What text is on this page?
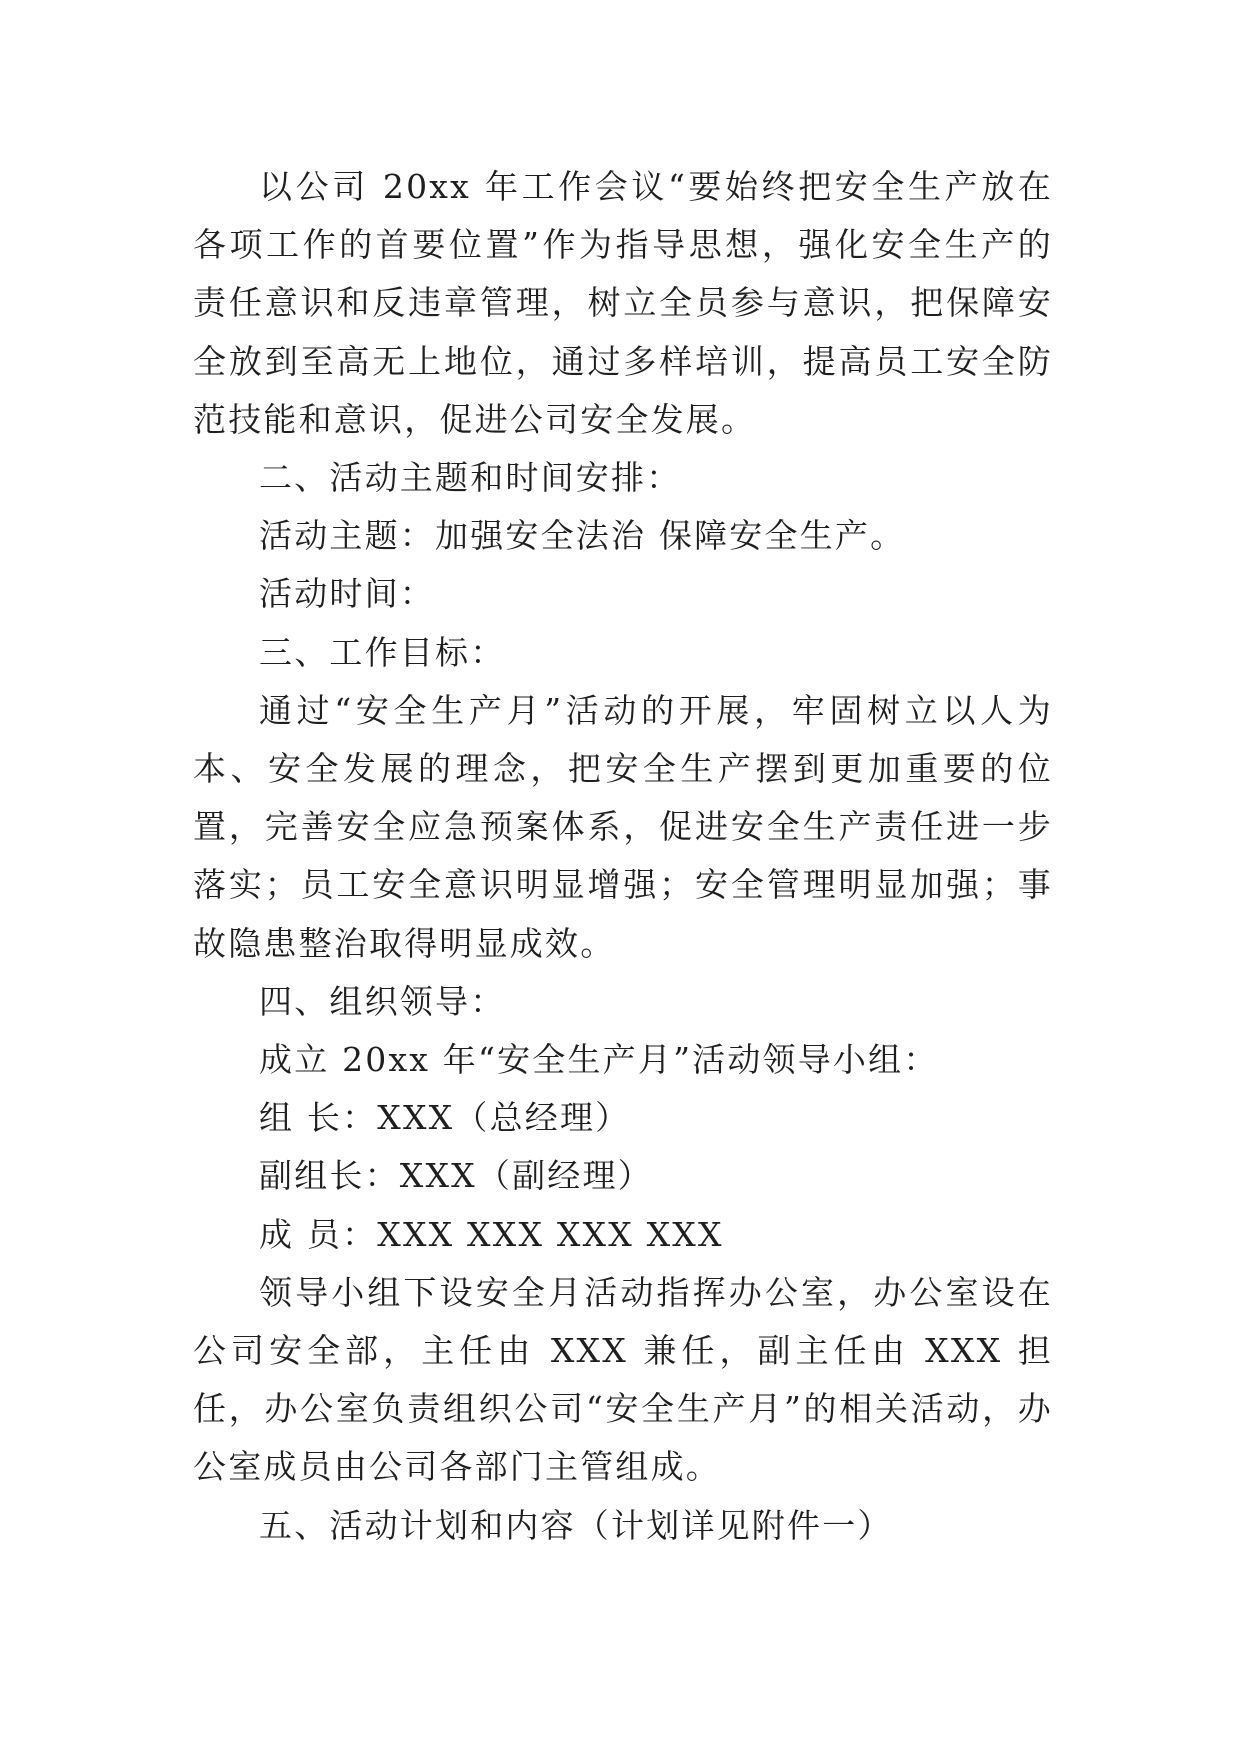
以公司 20xx 年工作会议“要始终把安全生产放在各项工作的首要位置”作为指导思想，强化安全生产的责任意识和反违章管理，树立全员参与意识，把保障安全放到至高无上地位，通过多样培训，提高员工安全防范技能和意识，促进公司安全发展。

二、活动主题和时间安排：

活动主题：加强安全法治 保障安全生产。

活动时间：

三、工作目标：

通过“安全生产月”活动的开展，牢固树立以人为本、安全发展的理念，把安全生产摆到更加重要的位置，完善安全应急预案体系，促进安全生产责任进一步落实；员工安全意识明显增强；安全管理明显加强；事故隐患整治取得明显成效。

四、组织领导：

成立 20xx 年“安全生产月”活动领导小组：

组 长：XXX（总经理）

副组长：XXX（副经理）

成 员：XXX XXX XXX XXX

领导小组下设安全月活动指挥办公室，办公室设在公司安全部，主任由 XXX 兼任，副主任由 XXX 担任，办公室负责组织公司“安全生产月”的相关活动，办公室成员由公司各部门主管组成。

五、活动计划和内容（计划详见附件一）
